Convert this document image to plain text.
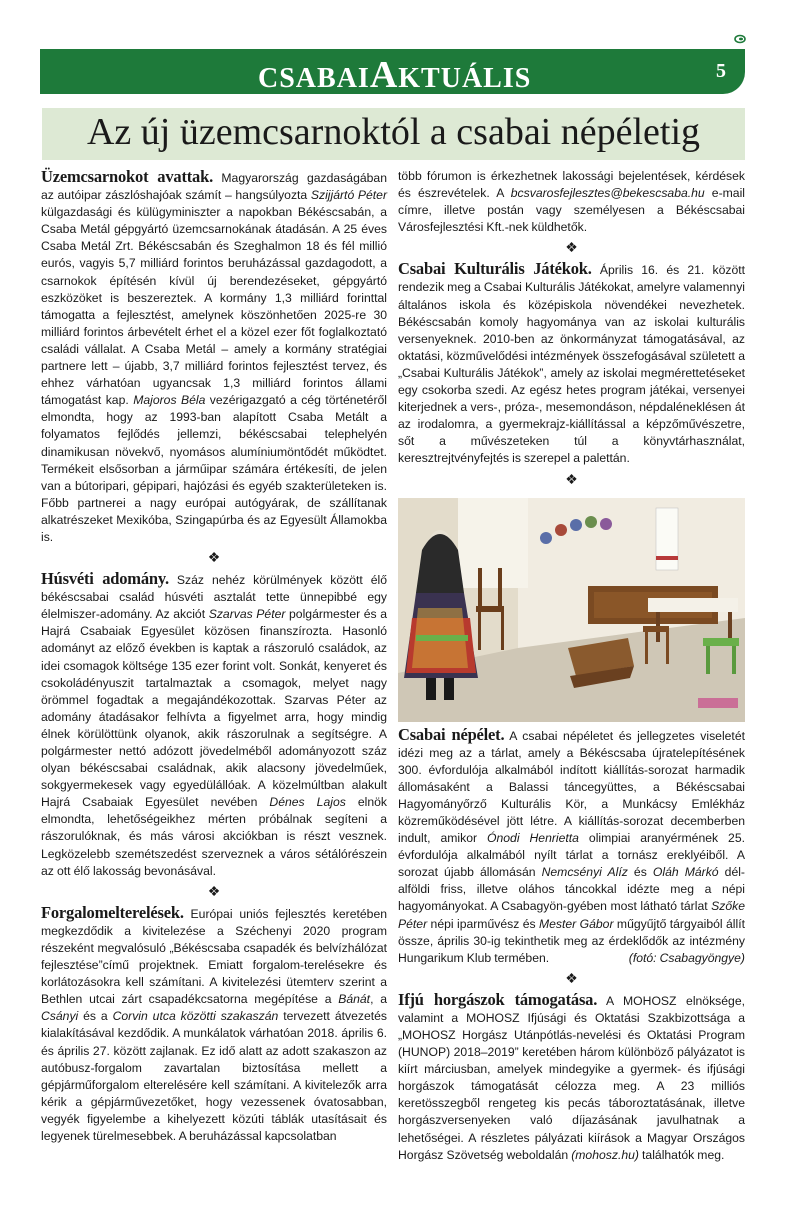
CSABAIAKTUÁLIS	5
Az új üzemcsarnoktól a csabai népéletig

Üzemcsarnokot avattak. Magyarország gazdaságában az autóipar zászlóshajóak számít – hangsúlyozta Szijjártó Péter külgazdasági és külügyminiszter a napokban Békéscsabán, a Csaba Metál gépgyártó üzemcsarnokának átadásán. A 25 éves Csaba Metál Zrt. Békéscsabán és Szeghalmon 18 és fél millió eurós, vagyis 5,7 milliárd forintos beruházással gazdagodott, a csarnokok építésén kívül új berendezéseket, gépgyártó eszközöket is beszereztek. A kormány 1,3 milliárd forinttal támogatta a fejlesztést, amelynek köszönhetően 2025-re 30 milliárd forintos árbevételt érhet el a közel ezer főt foglalkoztató családi vállalat. A Csaba Metál – amely a kormány stratégiai partnere lett – újabb, 3,7 milliárd forintos fejlesztést tervez, és ehhez várhatóan ugyancsak 1,3 milliárd forintos állami támogatást kap. Majoros Béla vezérigazgató a cég történetéről elmondta, hogy az 1993-ban alapított Csaba Metált a folyamatos fejlődés jellemzi, békéscsabai telephelyén dinamikusan növekvő, nyomásos alumíniumöntődét működtet. Termékeit elsősorban a járműipar számára értékesíti, de jelen van a bútoripari, gépipari, hajózási és egyéb szakterületeken is. Főbb partnerei a nagy európai autógyárak, de szállítanak alkatrészeket Mexikóba, Szingapúrba és az Egyesült Államokba is.

❖

Húsvéti adomány. Száz nehéz körülmények között élő békéscsabai család húsvéti asztalát tette ünnepibbé egy élelmiszer-adomány. Az akciót Szarvas Péter polgármester és a Hajrá Csabaiak Egyesület közösen finanszírozta. Hasonló adományt az előző években is kaptak a rászoruló családok, az idei csomagok költsége 135 ezer forint volt. Sonkát, kenyeret és csokoládényuszit tartalmaztak a csomagok, melyet nagy örömmel fogadtak a megajándékozottak. Szarvas Péter az adomány átadásakor felhívta a figyelmet arra, hogy mindig élnek körülöttünk olyanok, akik rászorulnak a segítségre. A polgármester nettó adózott jövedelméből adományozott száz olyan békéscsabai családnak, akik alacsony jövedelműek, sokgyermekesek vagy egyedülállóak. A közelmúltban alakult Hajrá Csabaiak Egyesület nevében Dénes Lajos elnök elmondta, lehetőségeikhez mérten próbálnak segíteni a rászorulóknak, és más városi akciókban is részt vesznek. Legközelebb szemétszedést szerveznek a város sétálórészein az ott élő lakosság bevonásával.

❖

Forgalomelterelések. Európai uniós fejlesztés keretében megkezdődik a kivitelezése a Széchenyi 2020 program részeként megvalósuló „Békéscsaba csapadék és belvízhálózat fejlesztése”című projektnek. Emiatt forgalom-terelésekre és korlátozásokra kell számítani. A kivitelezési ütemterv szerint a Bethlen utcai zárt csapadékcsatorna megépítése a Bánát, a Csányi és a Corvin utca közötti szakaszán tervezett átvezetés kialakításával kezdődik. A munkálatok várhatóan 2018. április 6. és április 27. között zajlanak. Ez idő alatt az adott szakaszon az autóbusz-forgalom zavartalan biztosítása mellett a gépjárműforgalom elterelésére kell számítani. A kivitelezők arra kérik a gépjárművezetőket, hogy vezessenek óvatosabban, vegyék figyelembe a kihelyezett közúti táblák utasításait és legyenek türelmesebbek. A beruházással kapcsolatban

több fórumon is érkezhetnek lakossági bejelentések, kérdések és észrevételek. A bcsvarosfejlesztes@bekescsaba.hu e-mail címre, illetve postán vagy személyesen a Békéscsabai Városfejlesztési Kft.-nek küldhetők.

❖

Csabai Kulturális Játékok. Április 16. és 21. között rendezik meg a Csabai Kulturális Játékokat, amelyre valamennyi általános iskola és középiskola növendékei nevezhetek. Békéscsabán komoly hagyománya van az iskolai kulturális versenyeknek. 2010-ben az önkormányzat támogatásával, az oktatási, közművelődési intézmények összefogásával született a „Csabai Kulturális Játékok”, amely az iskolai megmérettetéseket egy csokorba szedi. Az egész hetes program játékai, versenyei kiterjednek a vers-, próza-, mesemondáson, népdaléneklésen át az irodalomra, a gyermekrajz-kiállítással a képzőművészetre, sőt a művészeteken túl a könyvtárhasználat, keresztrejtvényfejtés is szerepel a palettán.

❖

Csabai népélet. A csabai népéletet és jellegzetes viseletét idézi meg az a tárlat, amely a Békéscsaba újratelepítésének 300. évfordulója alkalmából indított kiállítás-sorozat harmadik állomásaként a Balassi táncegyüttes, a Békéscsabai Hagyományőrző Kulturális Kör, a Munkácsy Emlékház közreműködésével jött létre. A kiállítás-sorozat decemberben indult, amikor Ónodi Henrietta olimpiai aranyérmének 25. évfordulója alkalmából nyílt tárlat a tornász ereklyéiből. A sorozat újabb állomásán Nemcsényi Alíz és Oláh Márkó dél-alföldi friss, illetve oláhos táncokkal idézte meg a népi hagyományokat. A Csabagyön-gyében most látható tárlat Szőke Péter népi iparművész és Mester Gábor műgyűjtő tárgyaiból állít össze, április 30-ig tekinthetik meg az érdeklődők az intézmény Hungarikum Klub termében.	(fotó: Csabagyöngye)

❖

Ifjú horgászok támogatása. A MOHOSZ elnöksége, valamint a MOHOSZ Ifjúsági és Oktatási Szakbizottsága a „MOHOSZ Horgász Utánpótlás-nevelési és Oktatási Program (HUNOP) 2018–2019” keretében három különböző pályázatot is kiírt márciusban, amelyek mindegyike a gyermek- és ifjúsági horgászok támogatását célozza meg. A 23 milliós keretösszegből rengeteg kis pecás táboroztatásának, illetve horgászversenyeken való díjazásának javulhatnak a lehetőségei. A részletes pályázati kiírások a Magyar Országos Horgász Szövetség weboldalán (mohosz.hu) találhatók meg.
